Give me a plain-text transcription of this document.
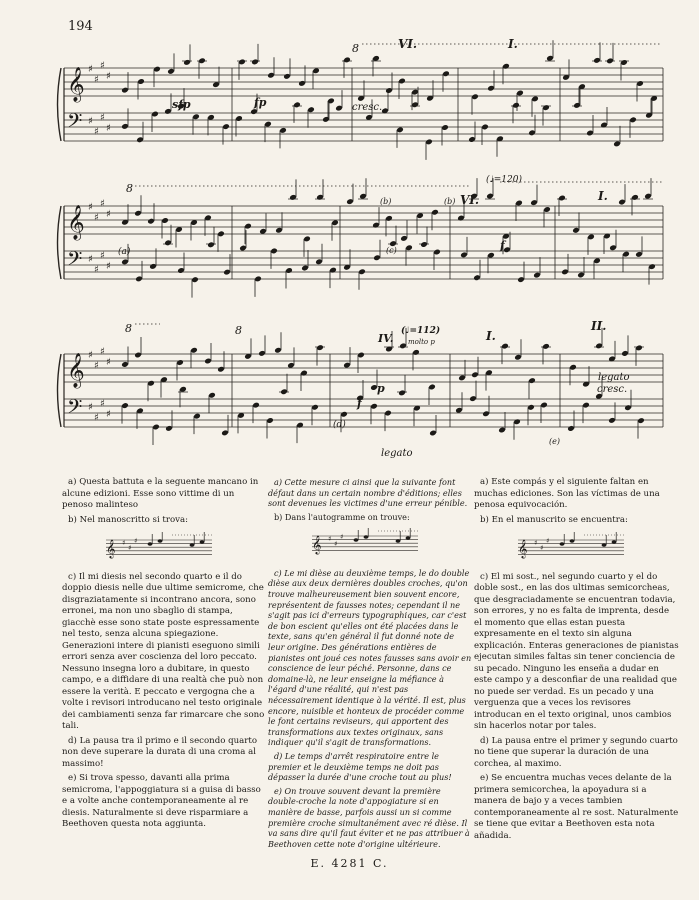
194
𝄞
𝄢
♯
♯
♯
♯
♯
♯
♯
♯
𝄞
𝄢
♯
♯
♯
♯
♯
♯
♯
♯
𝄞
𝄢
♯
♯
♯
♯
♯
♯
♯
♯
VI.	I.
8
sfp	fp	cresc.
8
(♩=120)
VI.	I.
(a)
(b)	(b)
(c)	f
8	8
IV.
(♩=112)
molto p	I.
II.
legato
cresc.
(d)
p
f
legato
(e)

a) Questa battuta e la seguente mancano in alcune edizioni. Esse sono vittime di un penoso malinteso

b) Nel manoscritto si trova:

𝄞 ♯
♯
♯

c) Il mi diesis nel secondo quarto e il do doppio diesis nelle due ultime semicrome, che disgraziatamente si incontrano ancora, sono erronei, ma non uno sbaglio di stampa, giacchè esse sono state poste espressamente nel testo, senza alcuna spiegazione. Generazioni intere di pianisti eseguono simili errori senza aver coscienza del loro peccato. Nessuno insegna loro a dubitare, in questo campo, e a diffidare di una realtà che può non essere la verità. E peccato e vergogna che a volte i revisori introducano nel testo originale dei cambiamenti senza far rimarcare che sono tali.

d) La pausa tra il primo e il secondo quarto non deve superare la durata di una croma al massimo!

e) Si trova spesso, davanti alla prima semicroma, l'appoggiatura si a guisa di basso e a volte anche contemporaneamente al re diesis. Naturalmente si deve risparmiare a Beethoven questa nota aggiunta.

a) Cette mesure ci ainsi que la suivante font défaut dans un certain nombre d'éditions; elles sont devenues les victimes d'une erreur pénible.

b) Dans l'autogramme on trouve:

𝄞 ♯
♯
♯

c) Le mi dièse au deuxième temps, le do double dièse aux deux dernières doubles croches, qu'on trouve malheureusement bien souvent encore, représentent de fausses notes; cependant il ne s'agit pas ici d'erreurs typographiques, car c'est de bon escient qu'elles ont été placées dans le texte, sans qu'en général il fut donné note de leur origine. Des générations entières de pianistes ont joué ces notes fausses sans avoir en conscience de leur péché. Personne, dans ce domaine-là, ne leur enseigne la méfiance à l'égard d'une réalité, qui n'est pas nécessairement identique à la vérité. Il est, plus encore, nuisible et honteux de procéder comme le font certains reviseurs, qui apportent des transformations aux textes originaux, sans indiquer qu'il s'agit de transformations.

d) Le temps d'arrêt respiratoire entre le premier et le deuxième temps ne doit pas dépasser la durée d'une croche tout au plus!

e) On trouve souvent devant la première double-croche la note d'appogiature si en manière de basse, parfois aussi un si comme première croche simultanément avec ré dièse. Il va sans dire qu'il faut éviter et ne pas attribuer à Beethoven cette note d'origine ultérieure.

a) Este compás y el siguiente faltan en muchas ediciones. Son las víctimas de una penosa equivocación.

b) En el manuscrito se encuentra:

𝄞 ♯
♯
♯

c) El mi sost., nel segundo cuarto y el do doble sost., en las dos ultimas semicorcheas, que desgraciadamente se encuentran todavia, son errores, y no es falta de imprenta, desde el momento que ellas estan puesta expresamente en el texto sin alguna explicación. Enteras generaciones de pianistas ejecutan similes faltas sin tener conciencia de su pecado. Ninguno les enseña a dudar en este campo y a desconfiar de una realidad que no puede ser verdad. Es un pecado y una verguenza que a veces los revisores introducan en el texto original, unos cambios sin hacerlos notar por tales.

d) La pausa entre el primer y segundo cuarto no tiene que superar la duración de una corchea, al maximo.

e) Se encuentra muchas veces delante de la primera semicorchea, la apoyadura si a manera de bajo y a veces tambien contemporaneamente al re sost. Naturalmente se tiene que evitar a Beethoven esta nota añadida.

E. 4281 C.
